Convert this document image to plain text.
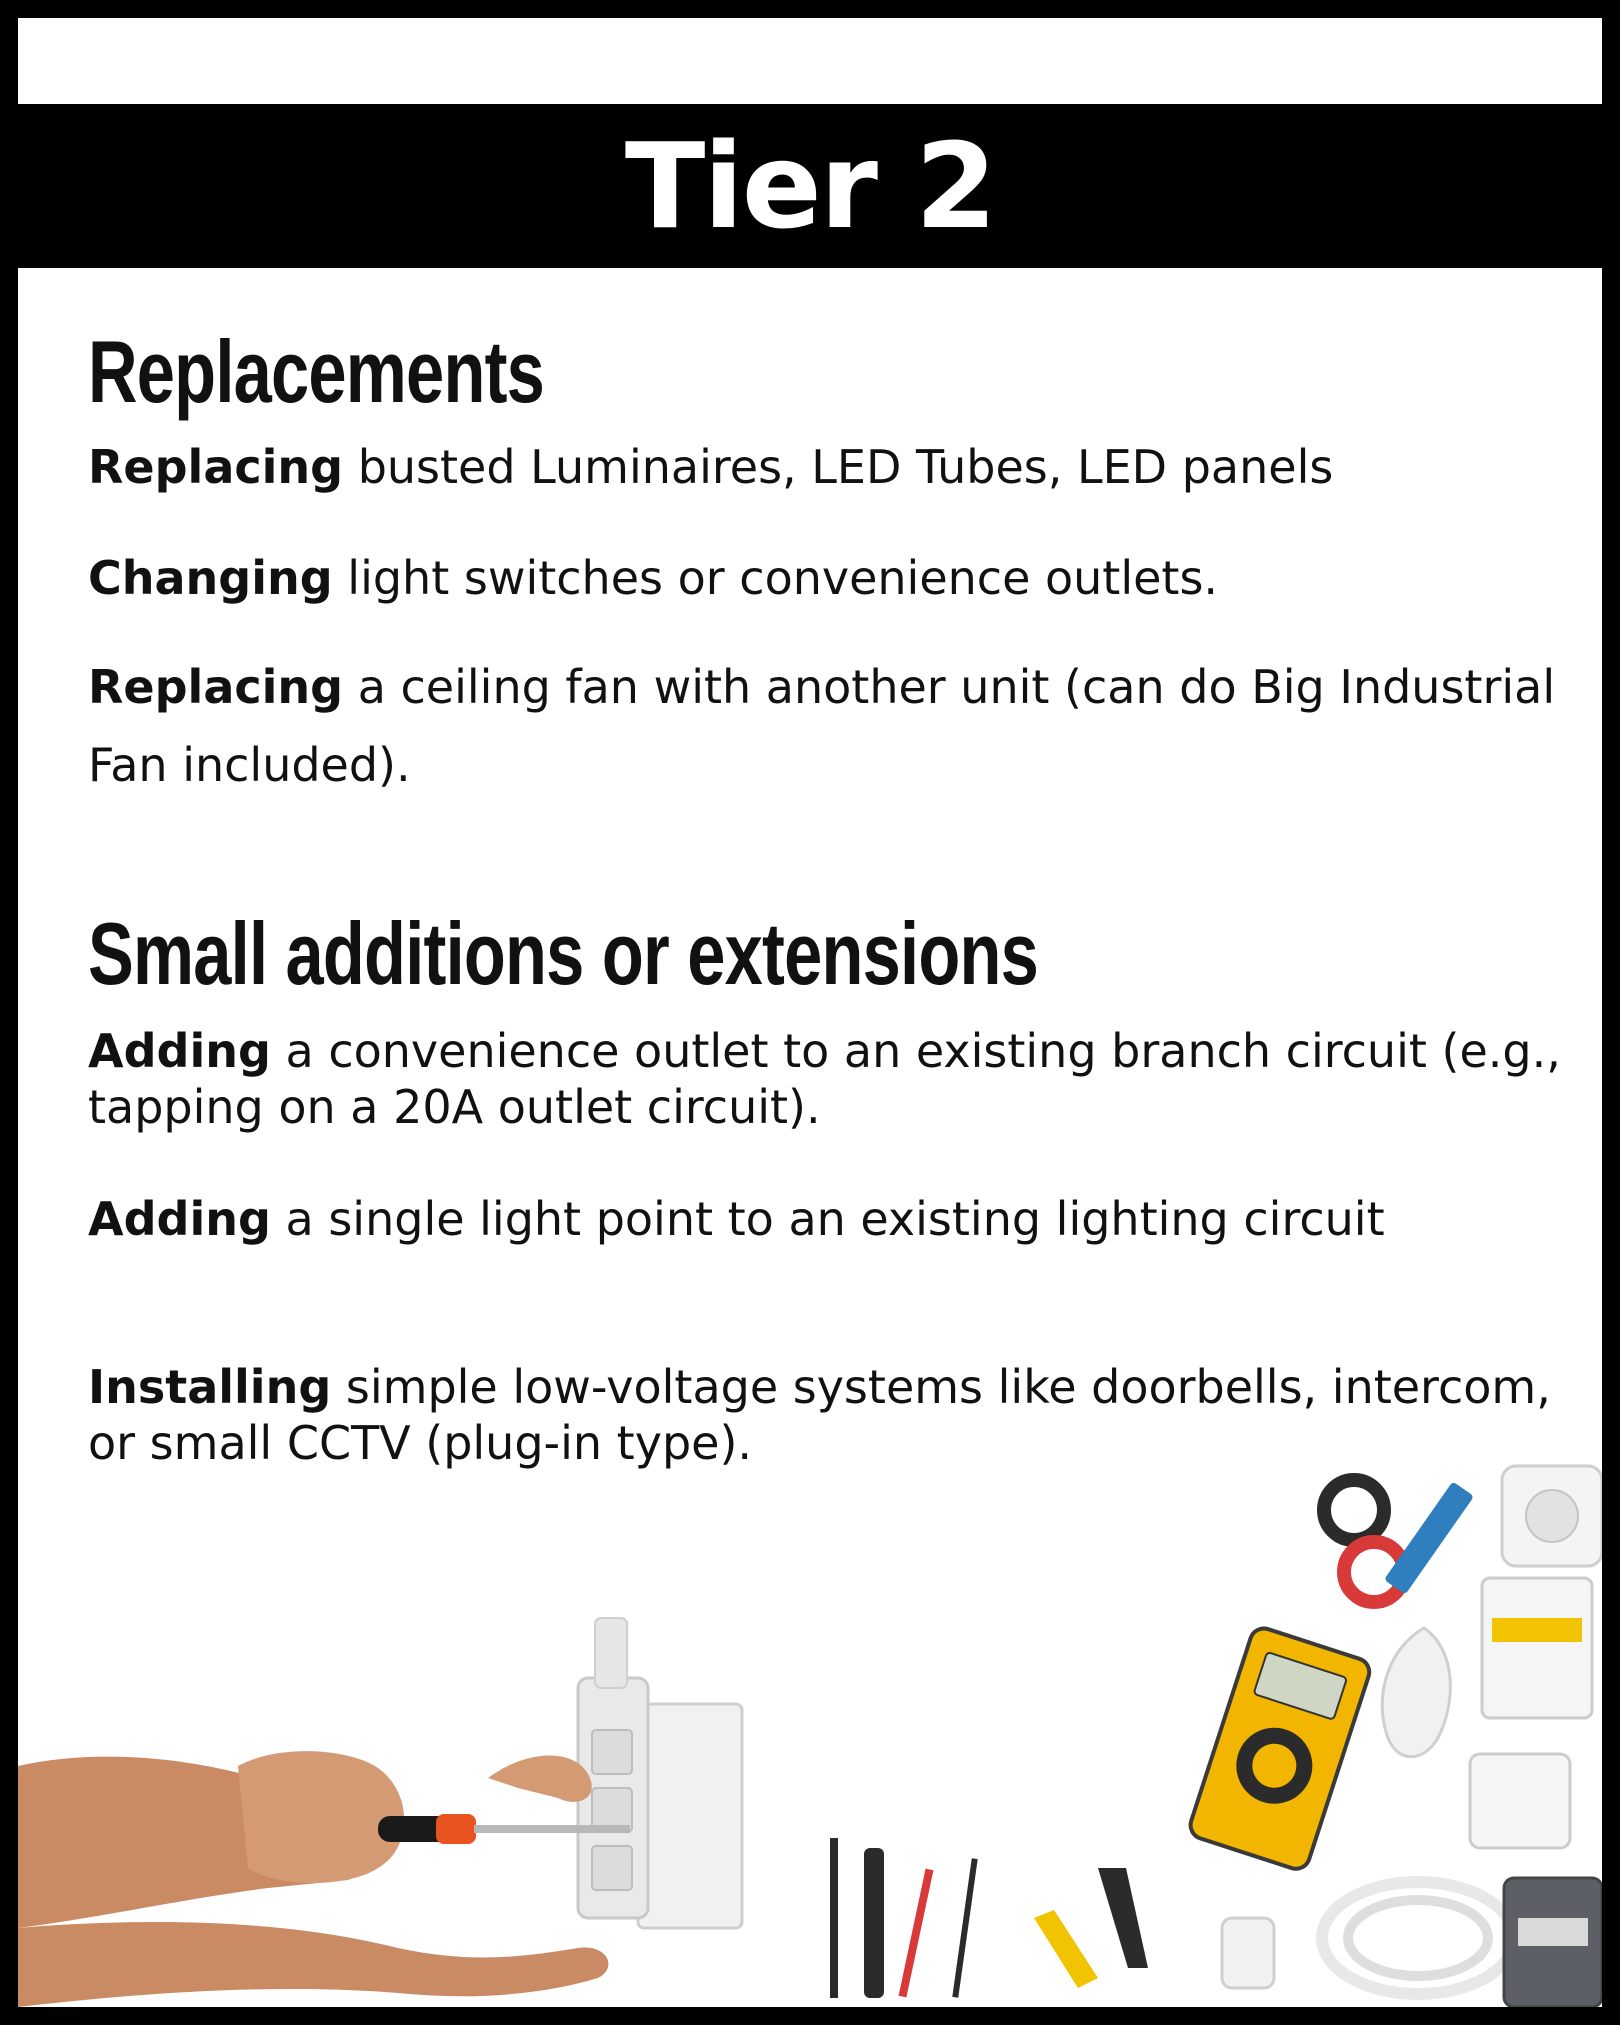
Tier 2
Replacements

Replacing busted Luminaires, LED Tubes, LED panels

Changing light switches or convenience outlets.

Replacing a ceiling fan with another unit (can do Big Industrial Fan included).

Small additions or extensions

Adding a convenience outlet to an existing branch circuit (e.g., tapping on a 20A outlet circuit).

Adding a single light point to an existing lighting circuit

Installing simple low-voltage systems like doorbells, intercom, or small CCTV (plug-in type).
